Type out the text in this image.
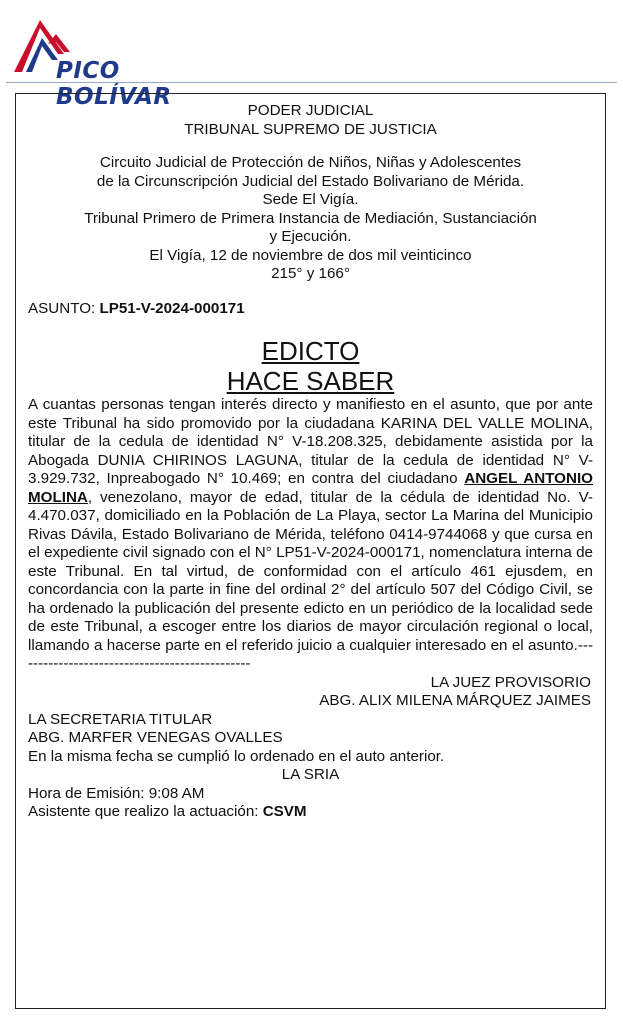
PICO BOLÍVAR
PODER JUDICIAL
TRIBUNAL SUPREMO DE JUSTICIA
Circuito Judicial de Protección de Niños, Niñas y Adolescentes
de la Circunscripción Judicial del Estado Bolivariano de Mérida.
Sede El Vigía.
Tribunal Primero de Primera Instancia de Mediación, Sustanciación
y Ejecución.
El Vigía, 12 de noviembre de dos mil veinticinco
215° y 166°
ASUNTO: LP51-V-2024-000171
EDICTO
HACE SABER
A cuantas personas tengan interés directo y manifiesto en el asunto, que por ante este Tribunal ha sido promovido por la ciudadana KARINA DEL VALLE MOLINA, titular de la cedula de identidad N° V-18.208.325, debidamente asistida por la Abogada DUNIA CHIRINOS LAGUNA, titular de la cedula de identidad N° V-3.929.732, Inpreabogado N° 10.469; en contra del ciudadano ANGEL ANTONIO MOLINA, venezolano, mayor de edad, titular de la cédula de identidad No. V-4.470.037, domiciliado en la Población de La Playa, sector La Marina del Municipio Rivas Dávila, Estado Bolivariano de Mérida, teléfono 0414-9744068 y que cursa en el expediente civil signado con el N° LP51-V-2024-000171, nomenclatura interna de este Tribunal. En tal virtud, de conformidad con el artículo 461 ejusdem, en concordancia con la parte in fine del ordinal 2° del artículo 507 del Código Civil, se ha ordenado la publicación del presente edicto en un periódico de la localidad sede de este Tribunal, a escoger entre los diarios de mayor circulación regional o local, llamando a hacerse parte en el referido juicio a cualquier interesado en el asunto.-----------------------------------------------
LA JUEZ PROVISORIO
ABG. ALIX MILENA MÁRQUEZ JAIMES
LA SECRETARIA TITULAR
ABG. MARFER VENEGAS OVALLES
En la misma fecha se cumplió lo ordenado en el auto anterior.
LA SRIA
Hora de Emisión: 9:08 AM
Asistente que realizo la actuación: CSVM
